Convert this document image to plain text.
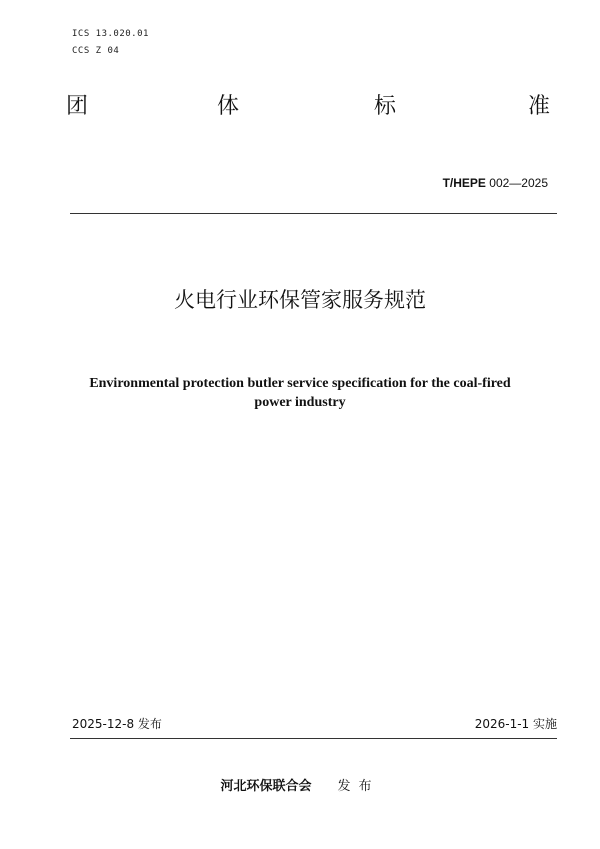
ICS 13.020.01
CCS Z 04
团	体	标	准
T/HEPE 002—2025
火电行业环保管家服务规范
Environmental protection butler service specification for the coal-fired
power industry
2025-12-8 发布	2026-1-1 实施
河北环保联合会 发布
